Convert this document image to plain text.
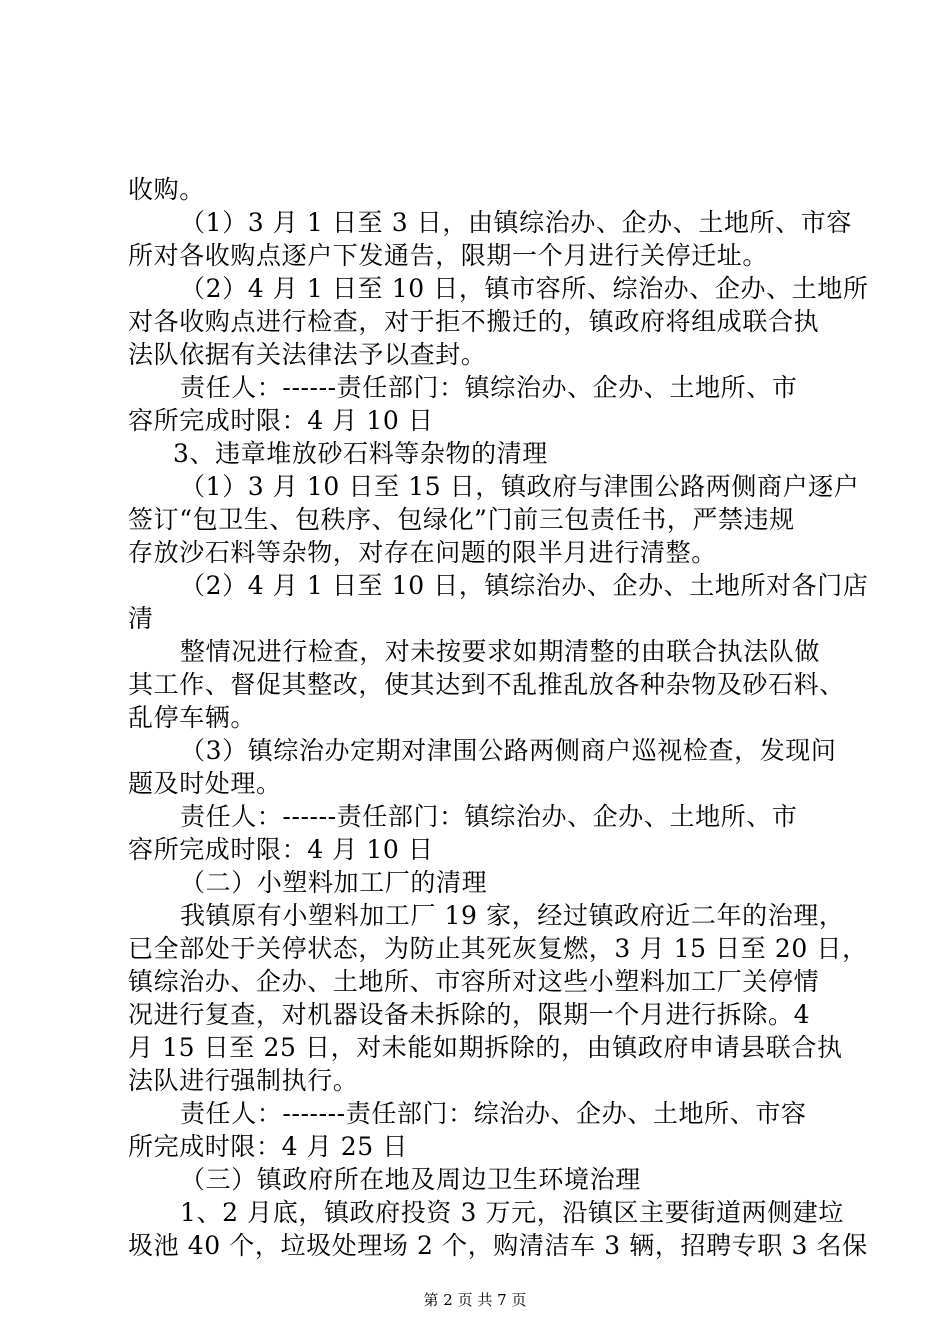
收购。
（1）3 月 1 日至 3 日，由镇综治办、企办、土地所、市容
所对各收购点逐户下发通告，限期一个月进行关停迁址。
（2）4 月 1 日至 10 日，镇市容所、综治办、企办、土地所
对各收购点进行检查，对于拒不搬迁的，镇政府将组成联合执
法队依据有关法律法予以查封。
责任人：------责任部门：镇综治办、企办、土地所、市
容所完成时限：4 月 10 日
3、违章堆放砂石料等杂物的清理
（1）3 月 10 日至 15 日，镇政府与津围公路两侧商户逐户
签订“包卫生、包秩序、包绿化”门前三包责任书，严禁违规
存放沙石料等杂物，对存在问题的限半月进行清整。
（2）4 月 1 日至 10 日，镇综治办、企办、土地所对各门店
清
整情况进行检查，对未按要求如期清整的由联合执法队做
其工作、督促其整改，使其达到不乱推乱放各种杂物及砂石料、
乱停车辆。
（3）镇综治办定期对津围公路两侧商户巡视检查，发现问
题及时处理。
责任人：------责任部门：镇综治办、企办、土地所、市
容所完成时限：4 月 10 日
（二）小塑料加工厂的清理
我镇原有小塑料加工厂 19 家，经过镇政府近二年的治理，
已全部处于关停状态，为防止其死灰复燃，3 月 15 日至 20 日，
镇综治办、企办、土地所、市容所对这些小塑料加工厂关停情
况进行复查，对机器设备未拆除的，限期一个月进行拆除。4
月 15 日至 25 日，对未能如期拆除的，由镇政府申请县联合执
法队进行强制执行。
责任人：-------责任部门：综治办、企办、土地所、市容
所完成时限：4 月 25 日
（三）镇政府所在地及周边卫生环境治理
1、2 月底，镇政府投资 3 万元，沿镇区主要街道两侧建垃
圾池 40 个，垃圾处理场 2 个，购清洁车 3 辆，招聘专职 3 名保
第 2 页 共 7 页
